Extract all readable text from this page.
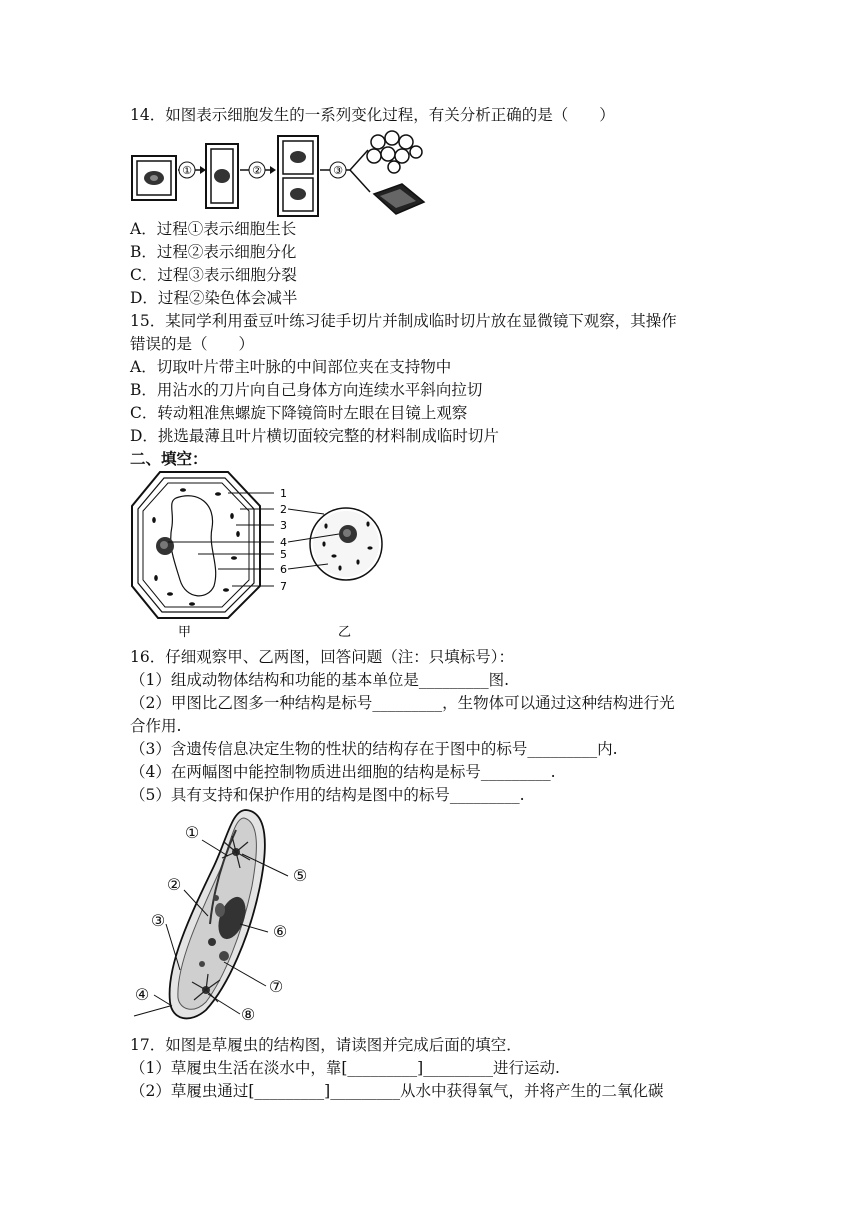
14．如图表示细胞发生的一系列变化过程，有关分析正确的是（　　）
①	②	③
A．过程①表示细胞生长
B．过程②表示细胞分化
C．过程③表示细胞分裂
D．过程②染色体会减半
15．某同学利用蚕豆叶练习徒手切片并制成临时切片放在显微镜下观察，其操作
错误的是（　　）
A．切取叶片带主叶脉的中间部位夹在支持物中
B．用沾水的刀片向自己身体方向连续水平斜向拉切
C．转动粗准焦螺旋下降镜筒时左眼在目镜上观察
D．挑选最薄且叶片横切面较完整的材料制成临时切片
二、填空：
1
2
3
4
5
6
7
甲	乙
16．仔细观察甲、乙两图，回答问题（注：只填标号）：
（1）组成动物体结构和功能的基本单位是_________图.
（2）甲图比乙图多一种结构是标号_________，生物体可以通过这种结构进行光
合作用.
（3）含遗传信息决定生物的性状的结构存在于图中的标号_________内.
（4）在两幅图中能控制物质进出细胞的结构是标号_________.
（5）具有支持和保护作用的结构是图中的标号_________.
①
②
③
④
⑤
⑥
⑦
⑧
17．如图是草履虫的结构图，请读图并完成后面的填空．
（1）草履虫生活在淡水中，靠[_________]_________进行运动.
（2）草履虫通过[_________]_________从水中获得氧气，并将产生的二氧化碳
